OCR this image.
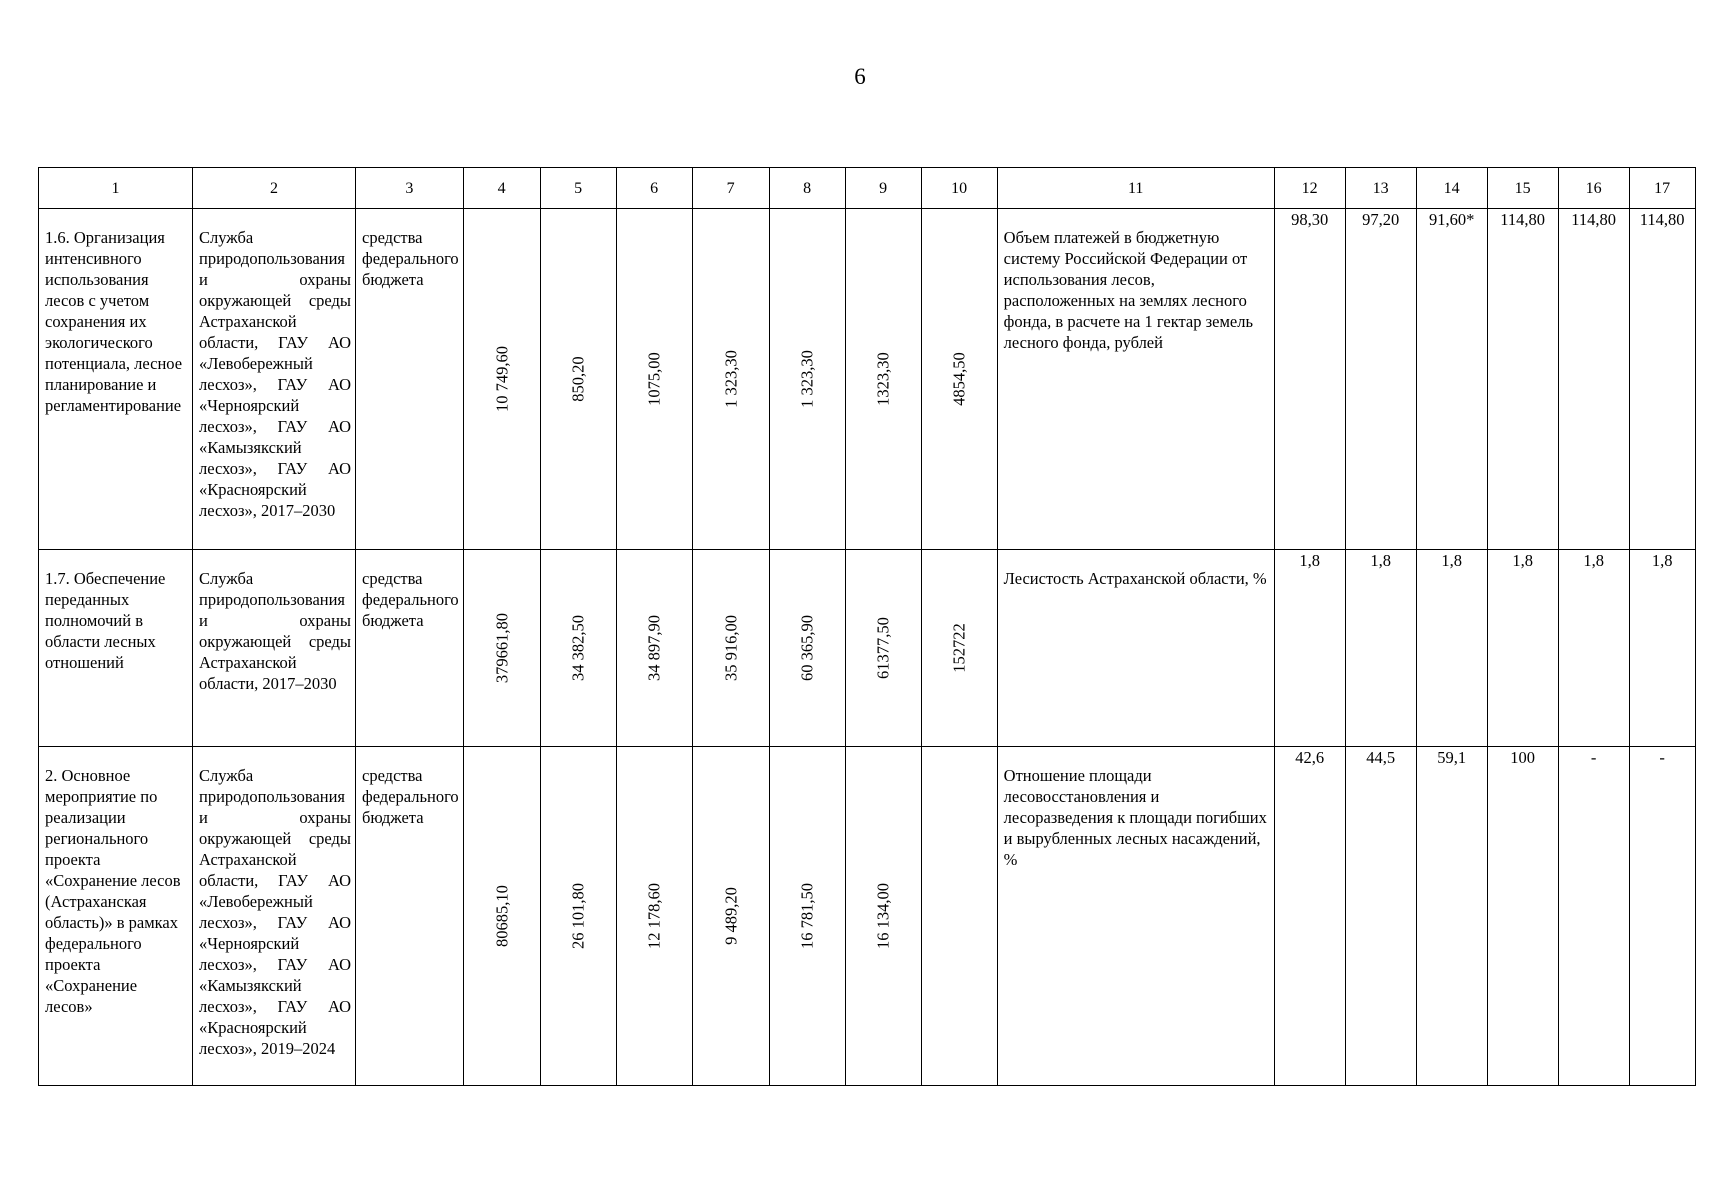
6
1	2	3	4	5	6	7	8	9	10	11	12	13	14	15	16	17

1.6. Организация интенсивного использования лесов с учетом сохранения их экологического потенциала, лесное планирование и регламентирование	Служба природопользования и охраны окружающей среды Астраханской области, ГАУ АО «Левобережный лесхоз», ГАУ АО «Черноярский лесхоз», ГАУ АО «Камызякский лесхоз», ГАУ АО «Красноярский лесхоз», 2017–2030	средства федерального бюджета	10 749,60	850,20	1075,00	1 323,30	1 323,30	1323,30	4854,50	Объем платежей в бюджетную систему Российской Федерации от использования лесов, расположенных на землях лесного фонда, в расчете на 1 гектар земель лесного фонда, рублей	98,30	97,20	91,60*	114,80	114,80	114,80

1.7. Обеспечение переданных полномочий в области лесных отношений	Служба природопользования и охраны окружающей среды Астраханской области, 2017–2030	средства федерального бюджета	379661,80	34 382,50	34 897,90	35 916,00	60 365,90	61377,50	152722	Лесистость Астраханской области, %	1,8	1,8	1,8	1,8	1,8	1,8

2. Основное мероприятие по реализации регионального проекта «Сохранение лесов (Астраханская область)» в рамках федерального проекта «Сохранение лесов»	Служба природопользования и охраны окружающей среды Астраханской области, ГАУ АО «Левобережный лесхоз», ГАУ АО «Черноярский лесхоз», ГАУ АО «Камызякский лесхоз», ГАУ АО «Красноярский лесхоз», 2019–2024	средства федерального бюджета	80685,10	26 101,80	12 178,60	9 489,20	16 781,50	16 134,00		Отношение площади лесовосстановления и лесоразведения к площади погибших и вырубленных лесных насаждений, %	42,6	44,5	59,1	100	-	-
